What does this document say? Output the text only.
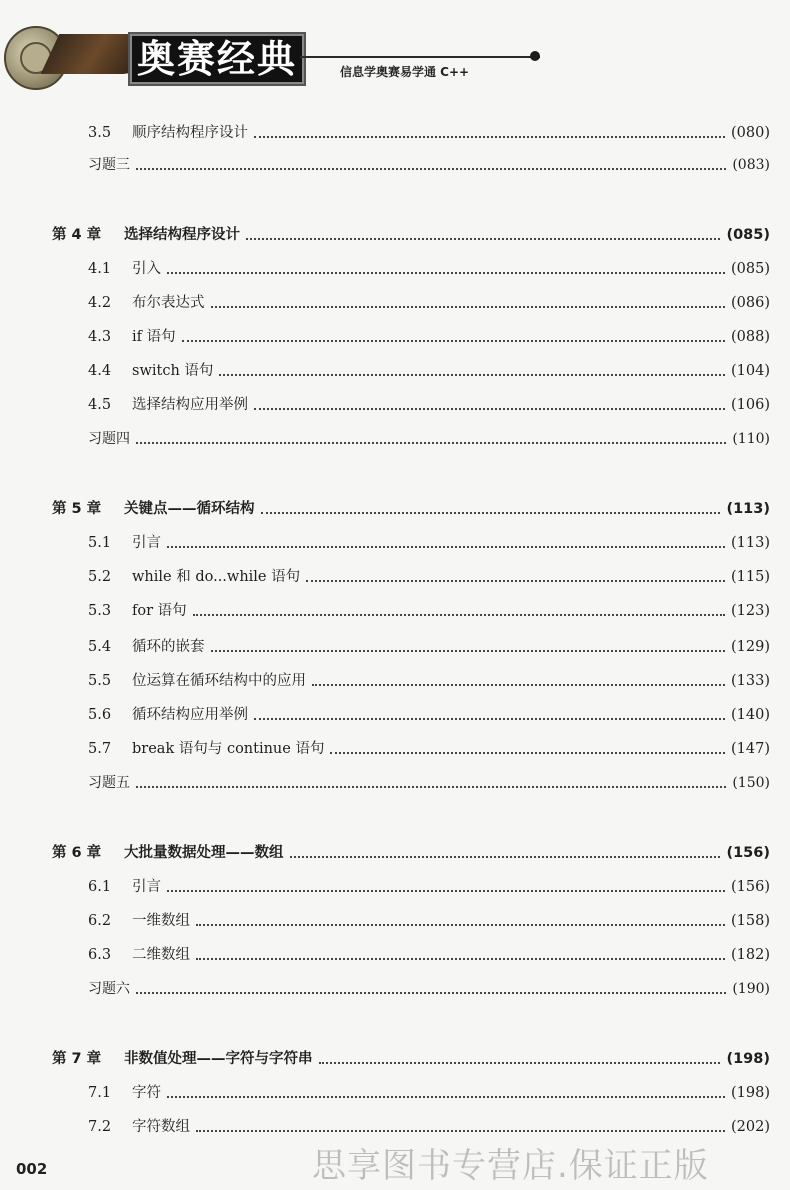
奥赛经典	信息学奥赛易学通 C++
3.5	顺序结构程序设计	(080)
习题三	(083)
第 4 章	选择结构程序设计	(085)
4.1	引入	(085)
4.2	布尔表达式	(086)
4.3	if 语句	(088)
4.4	switch 语句	(104)
4.5	选择结构应用举例	(106)
习题四	(110)
第 5 章	关键点——循环结构	(113)
5.1	引言	(113)
5.2	while 和 do...while 语句	(115)
5.3	for 语句	(123)
5.4	循环的嵌套	(129)
5.5	位运算在循环结构中的应用	(133)
5.6	循环结构应用举例	(140)
5.7	break 语句与 continue 语句	(147)
习题五	(150)
第 6 章	大批量数据处理——数组	(156)
6.1	引言	(156)
6.2	一维数组	(158)
6.3	二维数组	(182)
习题六	(190)
第 7 章	非数值处理——字符与字符串	(198)
7.1	字符	(198)
7.2	字符数组	(202)
002	思享图书专营店.保证正版
